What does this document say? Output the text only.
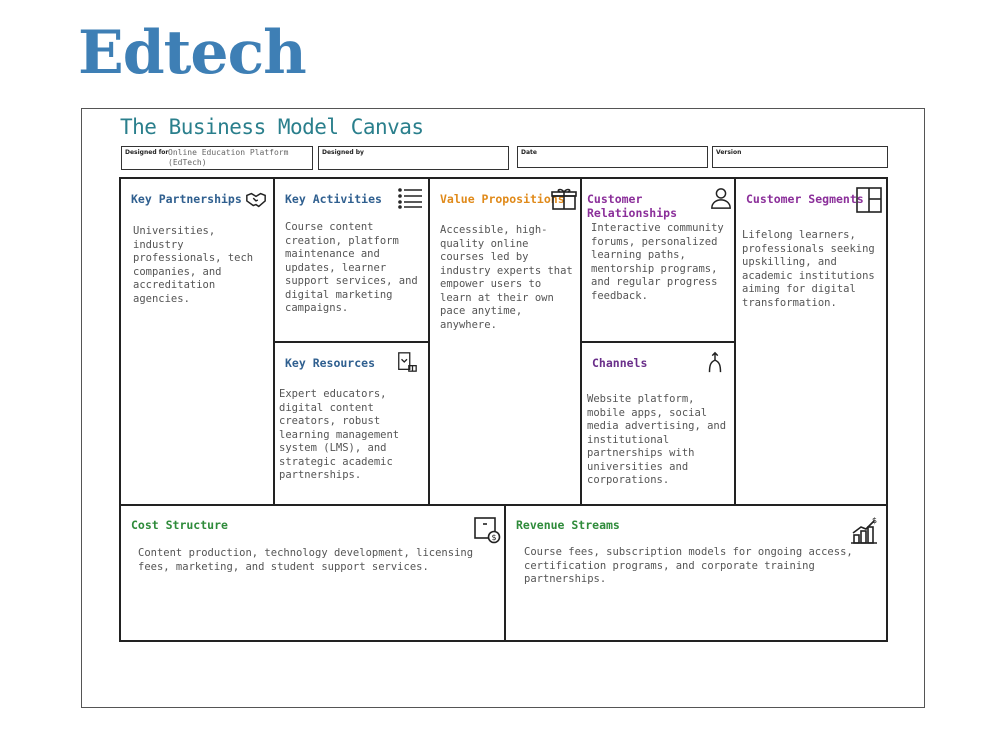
Edtech
The Business Model Canvas
Designed for Online Education Platform (EdTech)
Designed by	Date	Version
Key Partnerships
Universities, industry professionals, tech companies, and accreditation agencies.
Key Activities
Course content creation, platform maintenance and updates, learner support services, and digital marketing campaigns.
Key Resources
Expert educators, digital content creators, robust learning management system (LMS), and strategic academic partnerships.
Value Propositions
Accessible, high-quality online courses led by industry experts that empower users to learn at their own pace anytime, anywhere.
Customer Relationships
Interactive community forums, personalized learning paths, mentorship programs, and regular progress feedback.
Channels
Website platform, mobile apps, social media advertising, and institutional partnerships with universities and corporations.
Customer Segments
Lifelong learners, professionals seeking upskilling, and academic institutions aiming for digital transformation.
Cost Structure
Content production, technology development, licensing fees, marketing, and student support services.
$
Revenue Streams
Course fees, subscription models for ongoing access, certification programs, and corporate training partnerships.
$
